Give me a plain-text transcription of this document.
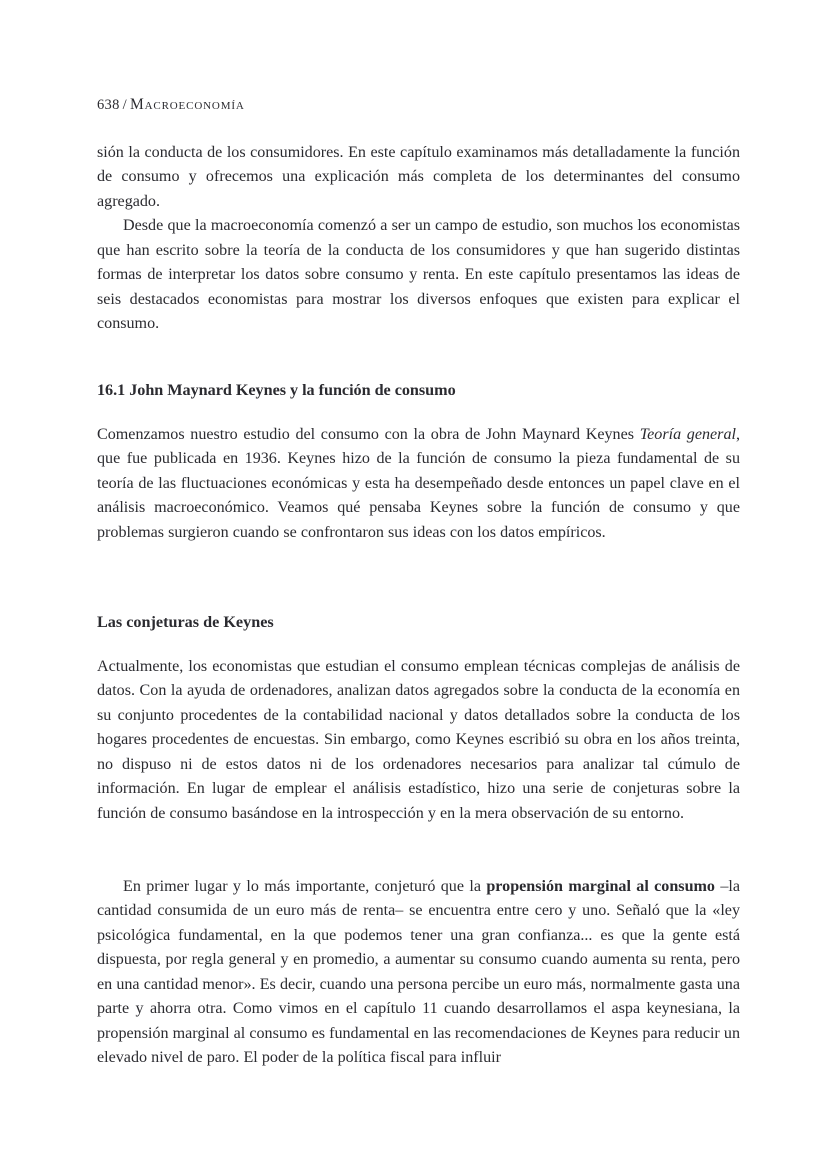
638 / Macroeconomía

sión la conducta de los consumidores. En este capítulo examinamos más detalladamente la función de consumo y ofrecemos una explicación más completa de los determinantes del consumo agregado.

Desde que la macroeconomía comenzó a ser un campo de estudio, son muchos los economistas que han escrito sobre la teoría de la conducta de los consumidores y que han sugerido distintas formas de interpretar los datos sobre consumo y renta. En este capítulo presentamos las ideas de seis destacados economistas para mostrar los diversos enfoques que existen para explicar el consumo.

16.1 John Maynard Keynes y la función de consumo

Comenzamos nuestro estudio del consumo con la obra de John Maynard Keynes Teoría general, que fue publicada en 1936. Keynes hizo de la función de consumo la pieza fundamental de su teoría de las fluctuaciones económicas y esta ha desempeñado desde entonces un papel clave en el análisis macroeconómico. Veamos qué pensaba Keynes sobre la función de consumo y que problemas surgieron cuando se confrontaron sus ideas con los datos empíricos.

Las conjeturas de Keynes

Actualmente, los economistas que estudian el consumo emplean técnicas complejas de análisis de datos. Con la ayuda de ordenadores, analizan datos agregados sobre la conducta de la economía en su conjunto procedentes de la contabilidad nacional y datos detallados sobre la conducta de los hogares procedentes de encuestas. Sin embargo, como Keynes escribió su obra en los años treinta, no dispuso ni de estos datos ni de los ordenadores necesarios para analizar tal cúmulo de información. En lugar de emplear el análisis estadístico, hizo una serie de conjeturas sobre la función de consumo basándose en la introspección y en la mera observación de su entorno.

En primer lugar y lo más importante, conjeturó que la propensión marginal al consumo –la cantidad consumida de un euro más de renta– se encuentra entre cero y uno. Señaló que la «ley psicológica fundamental, en la que podemos tener una gran confianza... es que la gente está dispuesta, por regla general y en promedio, a aumentar su consumo cuando aumenta su renta, pero en una cantidad menor». Es decir, cuando una persona percibe un euro más, normalmente gasta una parte y ahorra otra. Como vimos en el capítulo 11 cuando desarrollamos el aspa keynesiana, la propensión marginal al consumo es fundamental en las recomendaciones de Keynes para reducir un elevado nivel de paro. El poder de la política fiscal para influir
